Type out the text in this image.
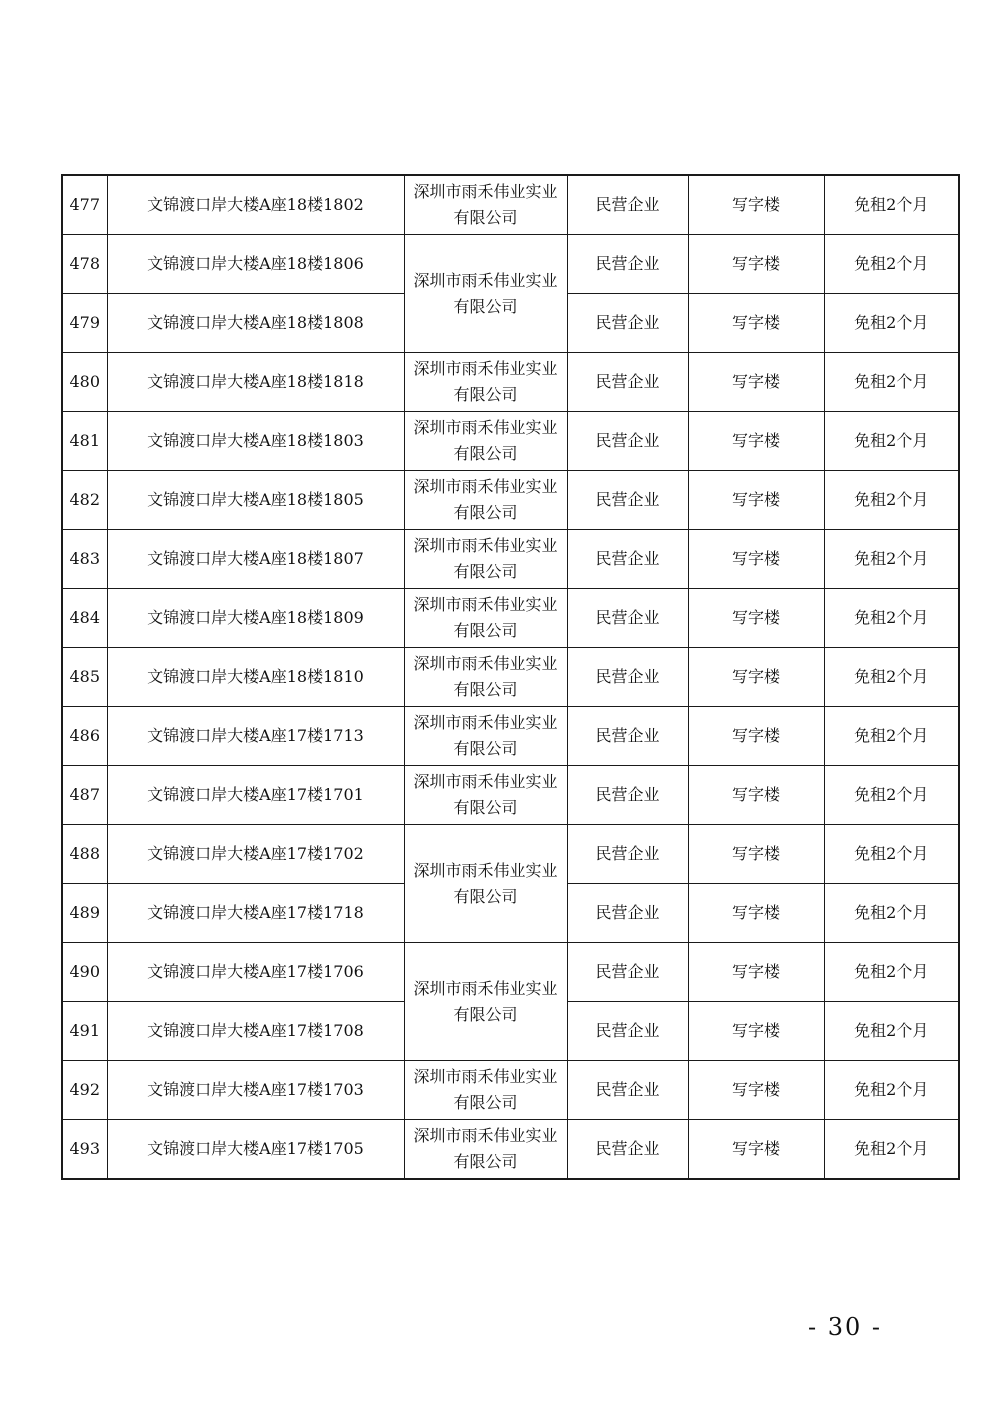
477	文锦渡口岸大楼A座18楼1802	深圳市雨禾伟业实业有限公司	民营企业	写字楼	免租2个月
478	文锦渡口岸大楼A座18楼1806	深圳市雨禾伟业实业有限公司	民营企业	写字楼	免租2个月
479	文锦渡口岸大楼A座18楼1808		民营企业	写字楼	免租2个月
480	文锦渡口岸大楼A座18楼1818	深圳市雨禾伟业实业有限公司	民营企业	写字楼	免租2个月
481	文锦渡口岸大楼A座18楼1803	深圳市雨禾伟业实业有限公司	民营企业	写字楼	免租2个月
482	文锦渡口岸大楼A座18楼1805	深圳市雨禾伟业实业有限公司	民营企业	写字楼	免租2个月
483	文锦渡口岸大楼A座18楼1807	深圳市雨禾伟业实业有限公司	民营企业	写字楼	免租2个月
484	文锦渡口岸大楼A座18楼1809	深圳市雨禾伟业实业有限公司	民营企业	写字楼	免租2个月
485	文锦渡口岸大楼A座18楼1810	深圳市雨禾伟业实业有限公司	民营企业	写字楼	免租2个月
486	文锦渡口岸大楼A座17楼1713	深圳市雨禾伟业实业有限公司	民营企业	写字楼	免租2个月
487	文锦渡口岸大楼A座17楼1701	深圳市雨禾伟业实业有限公司	民营企业	写字楼	免租2个月
488	文锦渡口岸大楼A座17楼1702	深圳市雨禾伟业实业有限公司	民营企业	写字楼	免租2个月
489	文锦渡口岸大楼A座17楼1718		民营企业	写字楼	免租2个月
490	文锦渡口岸大楼A座17楼1706	深圳市雨禾伟业实业有限公司	民营企业	写字楼	免租2个月
491	文锦渡口岸大楼A座17楼1708		民营企业	写字楼	免租2个月
492	文锦渡口岸大楼A座17楼1703	深圳市雨禾伟业实业有限公司	民营企业	写字楼	免租2个月
493	文锦渡口岸大楼A座17楼1705	深圳市雨禾伟业实业有限公司	民营企业	写字楼	免租2个月
- 30 -
